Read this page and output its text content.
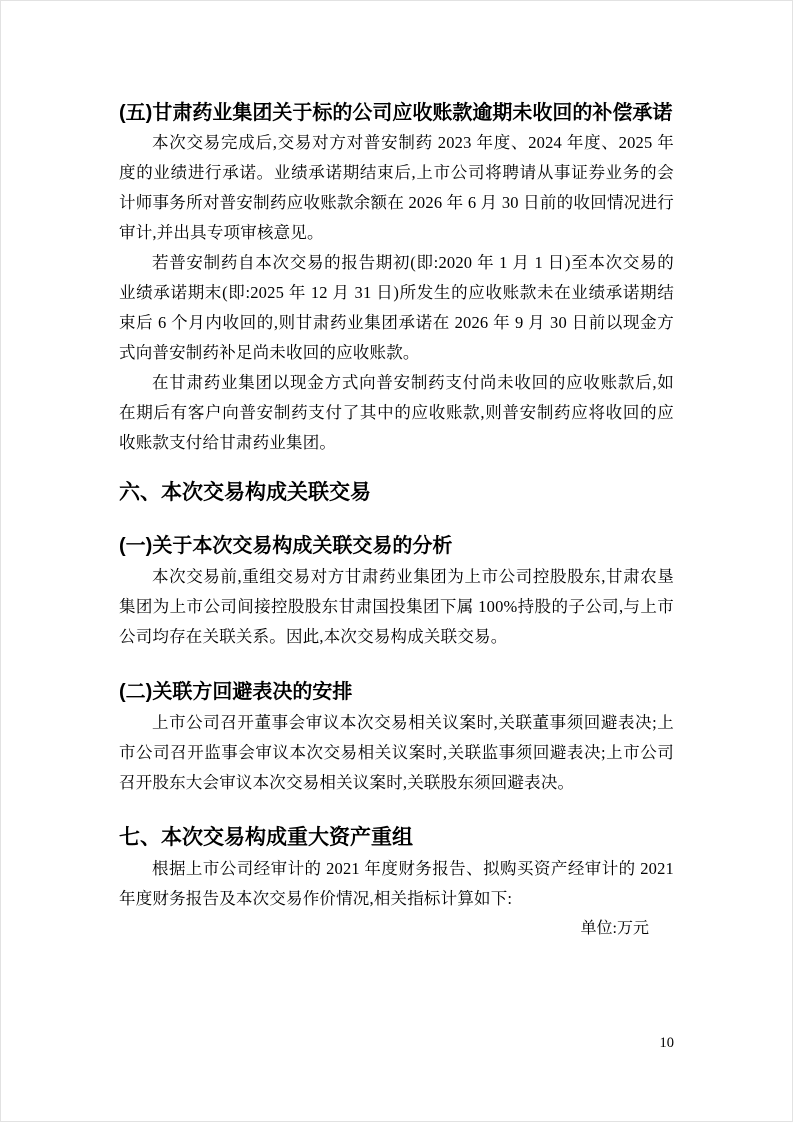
(五)甘肃药业集团关于标的公司应收账款逾期未收回的补偿承诺

本次交易完成后,交易对方对普安制药 2023 年度、2024 年度、2025 年度的业绩进行承诺。业绩承诺期结束后,上市公司将聘请从事证券业务的会计师事务所对普安制药应收账款余额在 2026 年 6 月 30 日前的收回情况进行审计,并出具专项审核意见。

若普安制药自本次交易的报告期初(即:2020 年 1 月 1 日)至本次交易的业绩承诺期末(即:2025 年 12 月 31 日)所发生的应收账款未在业绩承诺期结束后 6 个月内收回的,则甘肃药业集团承诺在 2026 年 9 月 30 日前以现金方式向普安制药补足尚未收回的应收账款。

在甘肃药业集团以现金方式向普安制药支付尚未收回的应收账款后,如在期后有客户向普安制药支付了其中的应收账款,则普安制药应将收回的应收账款支付给甘肃药业集团。

六、本次交易构成关联交易
(一)关于本次交易构成关联交易的分析

本次交易前,重组交易对方甘肃药业集团为上市公司控股股东,甘肃农垦集团为上市公司间接控股股东甘肃国投集团下属 100%持股的子公司,与上市公司均存在关联关系。因此,本次交易构成关联交易。

(二)关联方回避表决的安排

上市公司召开董事会审议本次交易相关议案时,关联董事须回避表决;上市公司召开监事会审议本次交易相关议案时,关联监事须回避表决;上市公司召开股东大会审议本次交易相关议案时,关联股东须回避表决。

七、本次交易构成重大资产重组

根据上市公司经审计的 2021 年度财务报告、拟购买资产经审计的 2021 年度财务报告及本次交易作价情况,相关指标计算如下:

单位:万元
10
